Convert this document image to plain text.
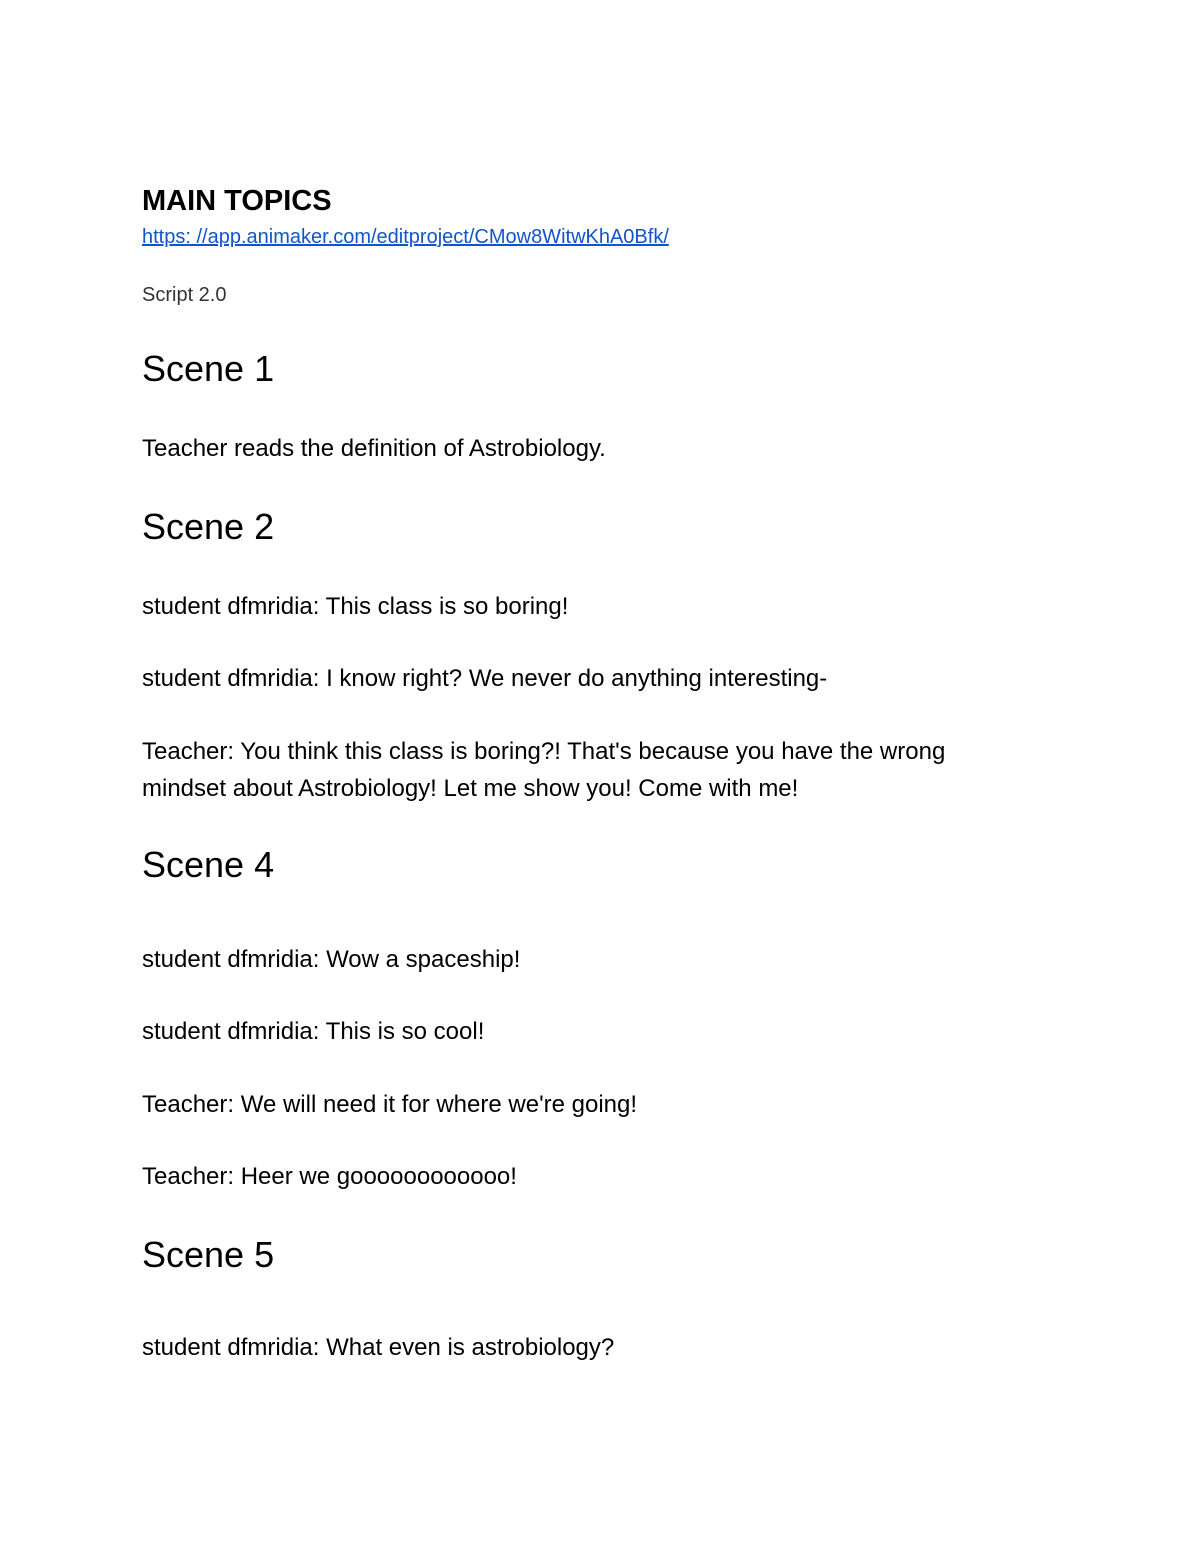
MAIN TOPICS
https: //app.animaker.com/editproject/CMow8WitwKhA0Bfk/

Script 2.0

Scene 1

Teacher reads the definition of Astrobiology.

Scene 2

student dfmridia: This class is so boring!

student dfmridia: I know right? We never do anything interesting-

Teacher: You think this class is boring?! That's because you have the wrong mindset about Astrobiology! Let me show you! Come with me!

Scene 4

student dfmridia: Wow a spaceship!

student dfmridia: This is so cool!

Teacher: We will need it for where we're going!

Teacher: Heer we goooooooooooo!

Scene 5

student dfmridia: What even is astrobiology?
